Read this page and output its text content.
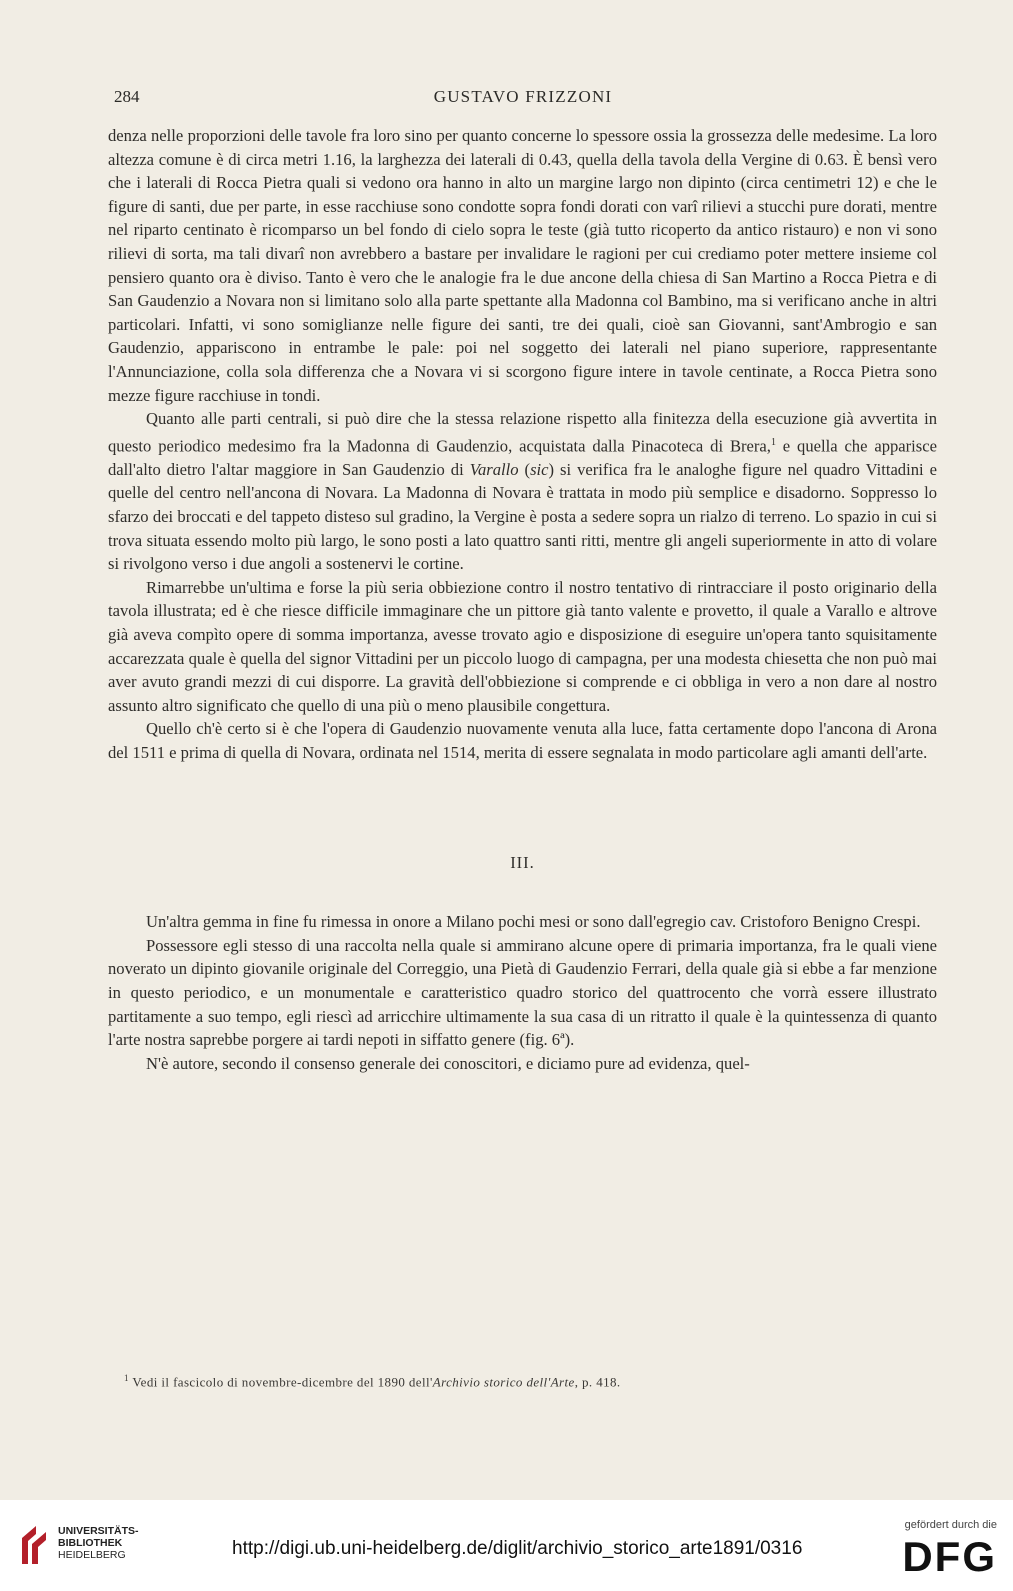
284	GUSTAVO FRIZZONI

denza nelle proporzioni delle tavole fra loro sino per quanto concerne lo spessore ossia la grossezza delle medesime. La loro altezza comune è di circa metri 1.16, la larghezza dei laterali di 0.43, quella della tavola della Vergine di 0.63. È bensì vero che i laterali di Rocca Pietra quali si vedono ora hanno in alto un margine largo non dipinto (circa centimetri 12) e che le figure di santi, due per parte, in esse racchiuse sono condotte sopra fondi dorati con varî rilievi a stucchi pure dorati, mentre nel riparto centinato è ricomparso un bel fondo di cielo sopra le teste (già tutto ricoperto da antico ristauro) e non vi sono rilievi di sorta, ma tali divarî non avrebbero a bastare per invalidare le ragioni per cui crediamo poter mettere insieme col pensiero quanto ora è diviso. Tanto è vero che le analogie fra le due ancone della chiesa di San Martino a Rocca Pietra e di San Gaudenzio a Novara non si limitano solo alla parte spettante alla Madonna col Bambino, ma si verificano anche in altri particolari. Infatti, vi sono somiglianze nelle figure dei santi, tre dei quali, cioè san Giovanni, sant'Ambrogio e san Gaudenzio, appariscono in entrambe le pale: poi nel soggetto dei laterali nel piano superiore, rappresentante l'Annunciazione, colla sola differenza che a Novara vi si scorgono figure intere in tavole centinate, a Rocca Pietra sono mezze figure racchiuse in tondi.

Quanto alle parti centrali, si può dire che la stessa relazione rispetto alla finitezza della esecuzione già avvertita in questo periodico medesimo fra la Madonna di Gaudenzio, acquistata dalla Pinacoteca di Brera,$^1$ e quella che apparisce dall'alto dietro l'altar maggiore in San Gaudenzio di Varallo (sic) si verifica fra le analoghe figure nel quadro Vittadini e quelle del centro nell'ancona di Novara. La Madonna di Novara è trattata in modo più semplice e disadorno. Soppresso lo sfarzo dei broccati e del tappeto disteso sul gradino, la Vergine è posta a sedere sopra un rialzo di terreno. Lo spazio in cui si trova situata essendo molto più largo, le sono posti a lato quattro santi ritti, mentre gli angeli superiormente in atto di volare si rivolgono verso i due angoli a sostenervi le cortine.

Rimarrebbe un'ultima e forse la più seria obbiezione contro il nostro tentativo di rintracciare il posto originario della tavola illustrata; ed è che riesce difficile immaginare che un pittore già tanto valente e provetto, il quale a Varallo e altrove già aveva compìto opere di somma importanza, avesse trovato agio e disposizione di eseguire un'opera tanto squisitamente accarezzata quale è quella del signor Vittadini per un piccolo luogo di campagna, per una modesta chiesetta che non può mai aver avuto grandi mezzi di cui disporre. La gravità dell'obbiezione si comprende e ci obbliga in vero a non dare al nostro assunto altro significato che quello di una più o meno plausibile congettura.

Quello ch'è certo si è che l'opera di Gaudenzio nuovamente venuta alla luce, fatta certamente dopo l'ancona di Arona del 1511 e prima di quella di Novara, ordinata nel 1514, merita di essere segnalata in modo particolare agli amanti dell'arte.

III.

Un'altra gemma in fine fu rimessa in onore a Milano pochi mesi or sono dall'egregio cav. Cristoforo Benigno Crespi.

Possessore egli stesso di una raccolta nella quale si ammirano alcune opere di primaria importanza, fra le quali viene noverato un dipinto giovanile originale del Correggio, una Pietà di Gaudenzio Ferrari, della quale già si ebbe a far menzione in questo periodico, e un monumentale e caratteristico quadro storico del quattrocento che vorrà essere illustrato partitamente a suo tempo, egli riescì ad arricchire ultimamente la sua casa di un ritratto il quale è la quintessenza di quanto l'arte nostra saprebbe porgere ai tardi nepoti in siffatto genere (fig. 6ª).

N'è autore, secondo il consenso generale dei conoscitori, e diciamo pure ad evidenza, quel-

$^1$ Vedi il fascicolo di novembre-dicembre del 1890 dell'Archivio storico dell'Arte, p. 418.
UNIVERSITÄTS-
BIBLIOTHEK
HEIDELBERG	http://digi.ub.uni-heidelberg.de/diglit/archivio_storico_arte1891/0316
gefördert durch die
DFG
